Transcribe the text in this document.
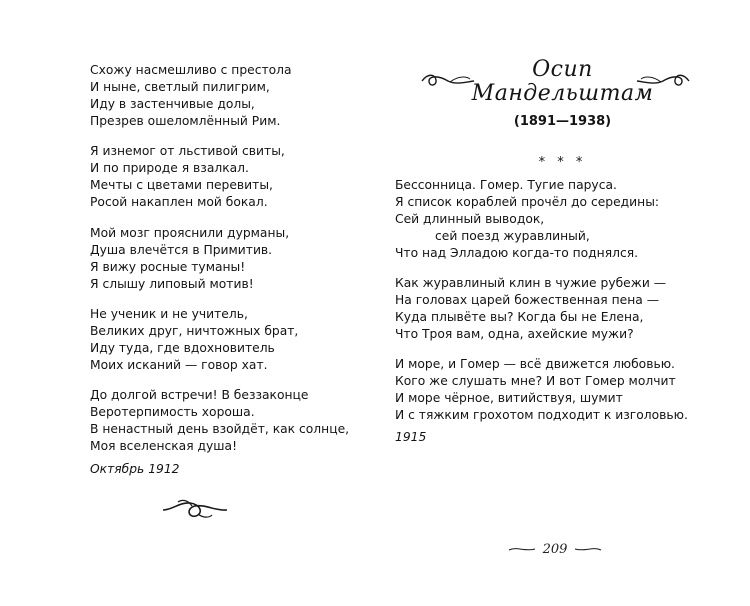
Схожу насмешливо с престола
И ныне, светлый пилигрим,
Иду в застенчивые долы,
Презрев ошеломлённый Рим.
Я изнемог от льстивой свиты,
И по природе я взалкал.
Мечты с цветами перевиты,
Росой накаплен мой бокал.
Мой мозг прояснили дурманы,
Душа влечётся в Примитив.
Я вижу росные туманы!
Я слышу липовый мотив!
Не ученик и не учитель,
Великих друг, ничтожных брат,
Иду туда, где вдохновитель
Моих исканий — говор хат.
До долгой встречи! В беззаконце
Веротерпимость хороша.
В ненастный день взойдёт, как солнце,
Моя вселенская душа!

Октябрь 1912

Осип
Мандельштам
(1891—1938)
* * *
Бессонница. Гомер. Тугие паруса.
Я список кораблей прочёл до середины:
Сей длинный выводок,
сей поезд журавлиный,
Что над Элладою когда-то поднялся.
Как журавлиный клин в чужие рубежи —
На головах царей божественная пена —
Куда плывёте вы? Когда бы не Елена,
Что Троя вам, одна, ахейские мужи?
И море, и Гомер — всё движется любовью.
Кого же слушать мне? И вот Гомер молчит
И море чёрное, витийствуя, шумит
И с тяжким грохотом подходит к изголовью.

1915

209
